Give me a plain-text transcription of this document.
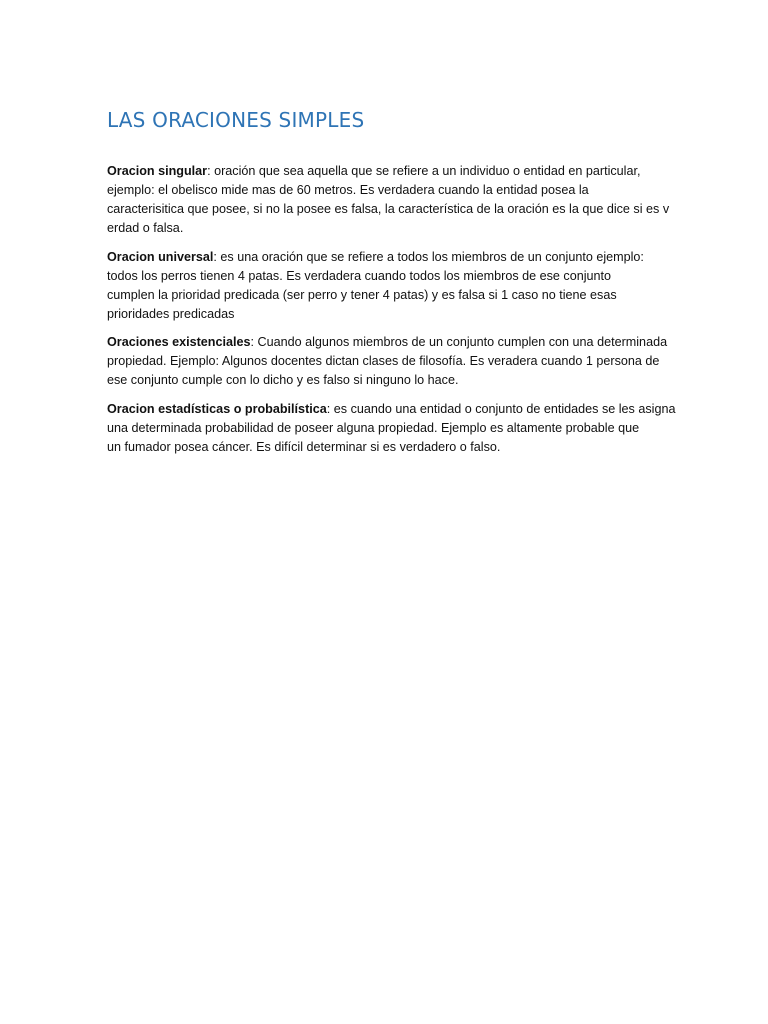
LAS ORACIONES SIMPLES

Oracion singular: oración que sea aquella que se refiere a un individuo o entidad en particular,
ejemplo: el obelisco mide mas de 60 metros. Es verdadera cuando la entidad posea la
caracterisitica que posee, si no la posee es falsa, la característica de la oración es la que dice si es v
erdad o falsa.

Oracion universal: es una oración que se refiere a todos los miembros de un conjunto ejemplo:
todos los perros tienen 4 patas. Es verdadera cuando todos los miembros de ese conjunto
cumplen la prioridad predicada (ser perro y tener 4 patas) y es falsa si 1 caso no tiene esas
prioridades predicadas

Oraciones existenciales: Cuando algunos miembros de un conjunto cumplen con una determinada
propiedad. Ejemplo: Algunos docentes dictan clases de filosofía. Es veradera cuando 1 persona de
ese conjunto cumple con lo dicho y es falso si ninguno lo hace.

Oracion estadísticas o probabilística: es cuando una entidad o conjunto de entidades se les asigna
una determinada probabilidad de poseer alguna propiedad. Ejemplo es altamente probable que
un fumador posea cáncer. Es difícil determinar si es verdadero o falso.
